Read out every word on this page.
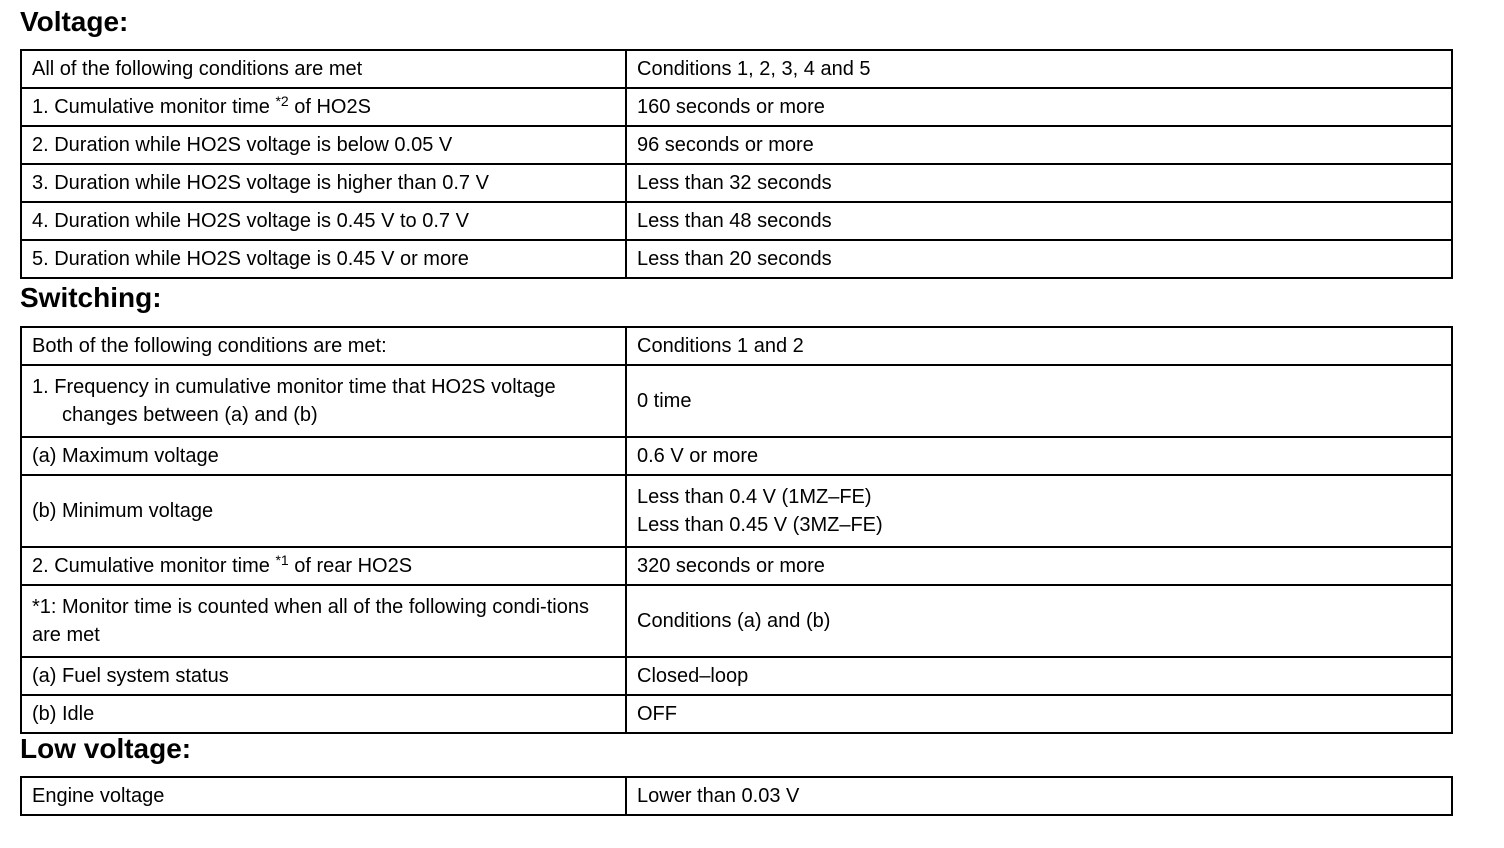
Voltage:
All of the following conditions are met	Conditions 1, 2, 3, 4 and 5
1. Cumulative monitor time $^{*2}$ of HO2S	160 seconds or more
2. Duration while HO2S voltage is below 0.05 V	96 seconds or more
3. Duration while HO2S voltage is higher than 0.7 V	Less than 32 seconds
4. Duration while HO2S voltage is 0.45 V to 0.7 V	Less than 48 seconds
5. Duration while HO2S voltage is 0.45 V or more	Less than 20 seconds
Switching:
Both of the following conditions are met:	Conditions 1 and 2
1. Frequency in cumulative monitor time that HO2S voltage changes between (a) and (b)	0 time
(a) Maximum voltage	0.6 V or more
(b) Minimum voltage	Less than 0.4 V (1MZ–FE)
Less than 0.45 V (3MZ–FE)

2. Cumulative monitor time $^{*1}$ of rear HO2S	320 seconds or more
*1: Monitor time is counted when all of the following condi-tions are met	Conditions (a) and (b)
(a) Fuel system status	Closed–loop
(b) Idle	OFF
Low voltage:
Engine voltage	Lower than 0.03 V
